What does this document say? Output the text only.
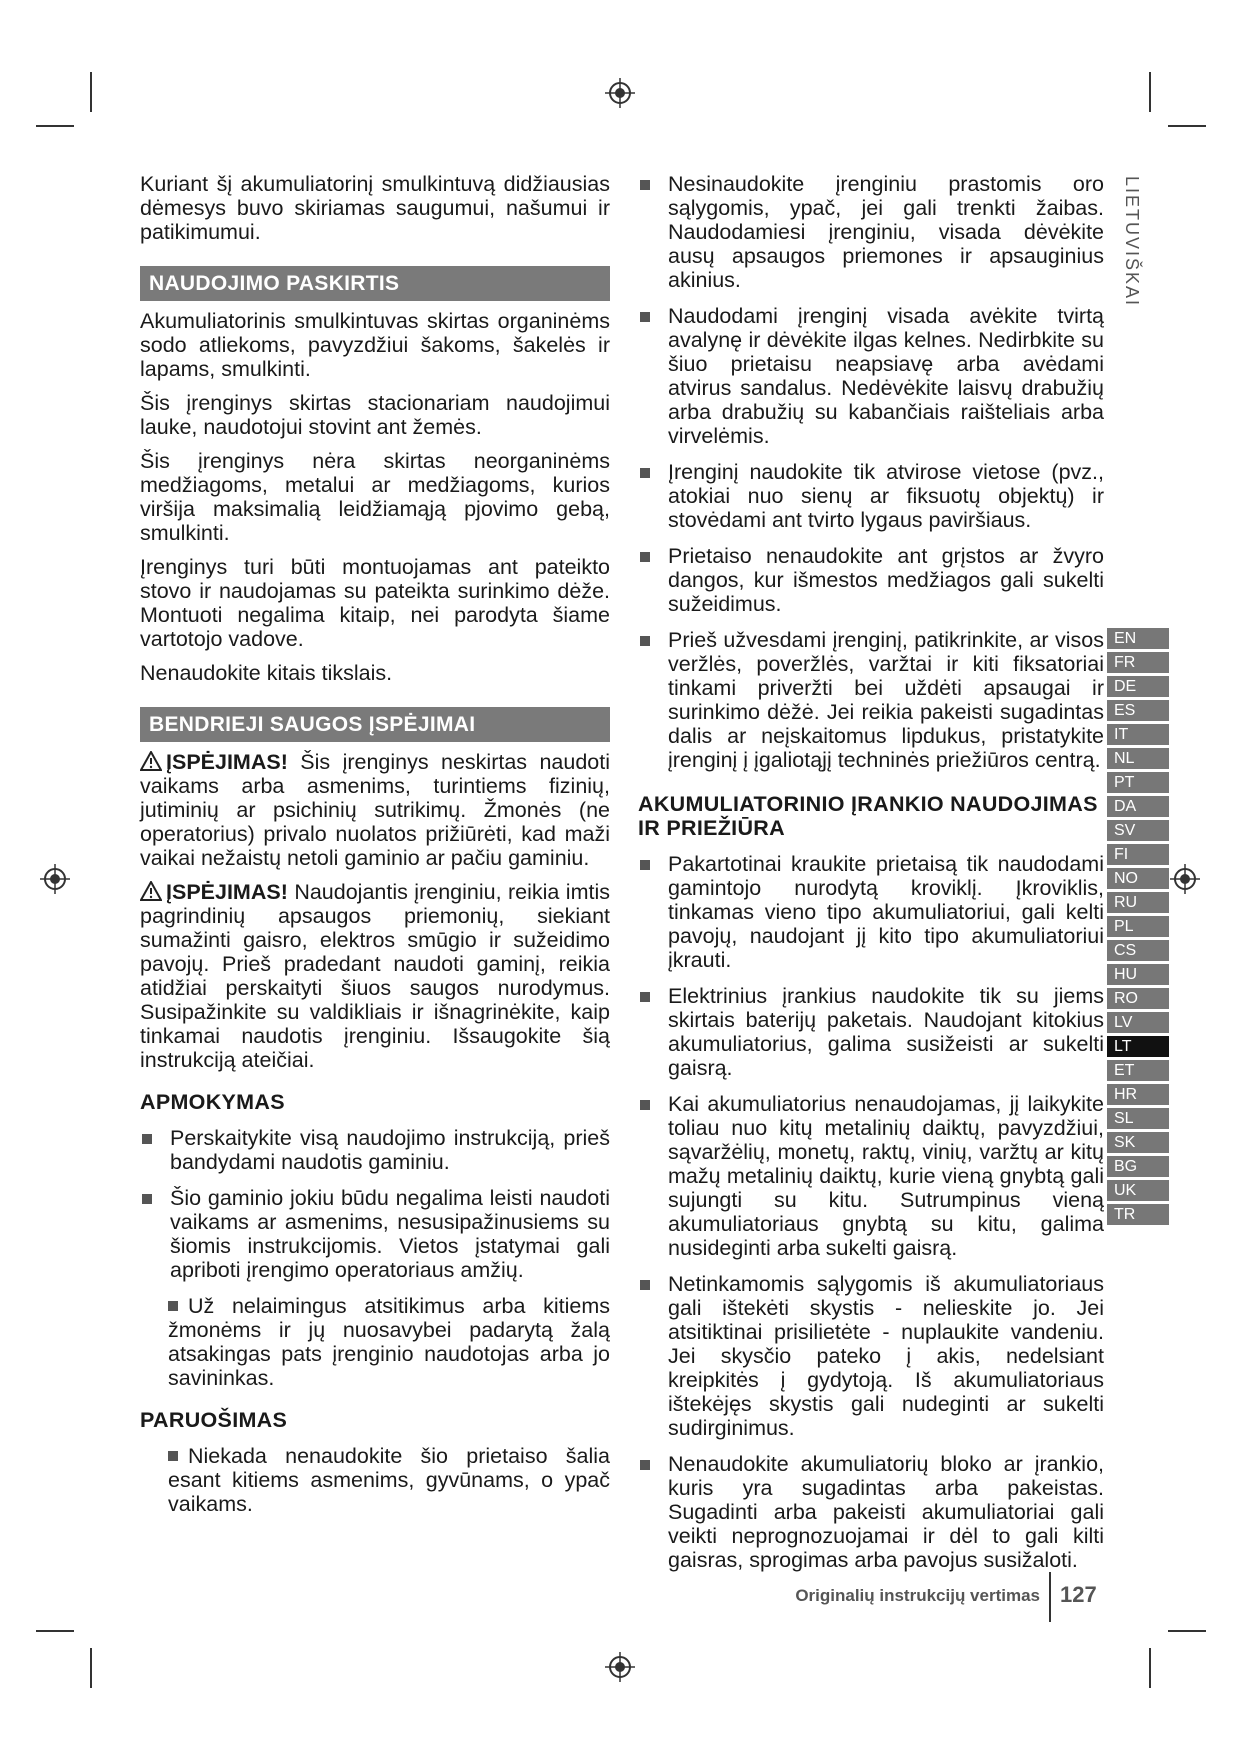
Kuriant šį akumuliatorinį smulkintuvą didžiausias dėmesys buvo skiriamas saugumui, našumui ir patikimumui.

NAUDOJIMO PASKIRTIS

Akumuliatorinis smulkintuvas skirtas organinėms sodo atliekoms, pavyzdžiui šakoms, šakelės ir lapams, smulkinti.

Šis įrenginys skirtas stacionariam naudojimui lauke, naudotojui stovint ant žemės.

Šis įrenginys nėra skirtas neorganinėms medžiagoms, metalui ar medžiagoms, kurios viršija maksimalią leidžiamąją pjovimo gebą, smulkinti.

Įrenginys turi būti montuojamas ant pateikto stovo ir naudojamas su pateikta surinkimo dėže. Montuoti negalima kitaip, nei parodyta šiame vartotojo vadove.

Nenaudokite kitais tikslais.

BENDRIEJI SAUGOS ĮSPĖJIMAI

ĮSPĖJIMAS! Šis įrenginys neskirtas naudoti vaikams arba asmenims, turintiems fizinių, jutiminių ar psichinių sutrikimų. Žmonės (ne operatorius) privalo nuolatos prižiūrėti, kad maži vaikai nežaistų netoli gaminio ar pačiu gaminiu.

ĮSPĖJIMAS! Naudojantis įrenginiu, reikia imtis pagrindinių apsaugos priemonių, siekiant sumažinti gaisro, elektros smūgio ir sužeidimo pavojų. Prieš pradedant naudoti gaminį, reikia atidžiai perskaityti šiuos saugos nurodymus. Susipažinkite su valdikliais ir išnagrinėkite, kaip tinkamai naudotis įrenginiu. Išsaugokite šią instrukciją ateičiai.

APMOKYMAS
Perskaitykite visą naudojimo instrukciją, prieš bandydami naudotis gaminiu.
Šio gaminio jokiu būdu negalima leisti naudoti vaikams ar asmenims, nesusipažinusiems su šiomis instrukcijomis. Vietos įstatymai gali apriboti įrengimo operatoriaus amžių.
Už nelaimingus atsitikimus arba kitiems žmonėms ir jų nuosavybei padarytą žalą atsakingas pats įrenginio naudotojas arba jo savininkas.
PARUOŠIMAS
Niekada nenaudokite šio prietaiso šalia esant kitiems asmenims, gyvūnams, o ypač vaikams.
Nesinaudokite įrenginiu prastomis oro sąlygomis, ypač, jei gali trenkti žaibas. Naudodamiesi įrenginiu, visada dėvėkite ausų apsaugos priemones ir apsauginius akinius.
Naudodami įrenginį visada avėkite tvirtą avalynę ir dėvėkite ilgas kelnes. Nedirbkite su šiuo prietaisu neapsiavę arba avėdami atvirus sandalus. Nedėvėkite laisvų drabužių arba drabužių su kabančiais raišteliais arba virvelėmis.
Įrenginį naudokite tik atvirose vietose (pvz., atokiai nuo sienų ar fiksuotų objektų) ir stovėdami ant tvirto lygaus paviršiaus.
Prietaiso nenaudokite ant grįstos ar žvyro dangos, kur išmestos medžiagos gali sukelti sužeidimus.
Prieš užvesdami įrenginį, patikrinkite, ar visos veržlės, poveržlės, varžtai ir kiti fiksatoriai tinkami priveržti bei uždėti apsaugai ir surinkimo dėžė. Jei reikia pakeisti sugadintas dalis ar neįskaitomus lipdukus, pristatykite įrenginį į įgaliotąjį techninės priežiūros centrą.
AKUMULIATORINIO ĮRANKIO NAUDOJIMAS IR PRIEŽIŪRA
Pakartotinai kraukite prietaisą tik naudodami gamintojo nurodytą kroviklį. Įkroviklis, tinkamas vieno tipo akumuliatoriui, gali kelti pavojų, naudojant jį kito tipo akumuliatoriui įkrauti.
Elektrinius įrankius naudokite tik su jiems skirtais baterijų paketais. Naudojant kitokius akumuliatorius, galima susižeisti ar sukelti gaisrą.
Kai akumuliatorius nenaudojamas, jį laikykite toliau nuo kitų metalinių daiktų, pavyzdžiui, sąvaržėlių, monetų, raktų, vinių, varžtų ar kitų mažų metalinių daiktų, kurie vieną gnybtą gali sujungti su kitu. Sutrumpinus vieną akumuliatoriaus gnybtą su kitu, galima nusideginti arba sukelti gaisrą.
Netinkamomis sąlygomis iš akumuliatoriaus gali ištekėti skystis - nelieskite jo. Jei atsitiktinai prisilietėte - nuplaukite vandeniu. Jei skysčio pateko į akis, nedelsiant kreipkitės į gydytoją. Iš akumuliatoriaus ištekėjęs skystis gali nudeginti ar sukelti sudirginimus.
Nenaudokite akumuliatorių bloko ar įrankio, kuris yra sugadintas arba pakeistas. Sugadinti arba pakeisti akumuliatoriai gali veikti neprognozuojamai ir dėl to gali kilti gaisras, sprogimas arba pavojus susižaloti.
LIETUVIŠKAI
EN
FR
DE
ES
IT
NL
PT
DA
SV
FI
NO
RU
PL
CS
HU
RO
LV
LT
ET
HR
SL
SK
BG
UK
TR
Originalių instrukcijų vertimas 127
